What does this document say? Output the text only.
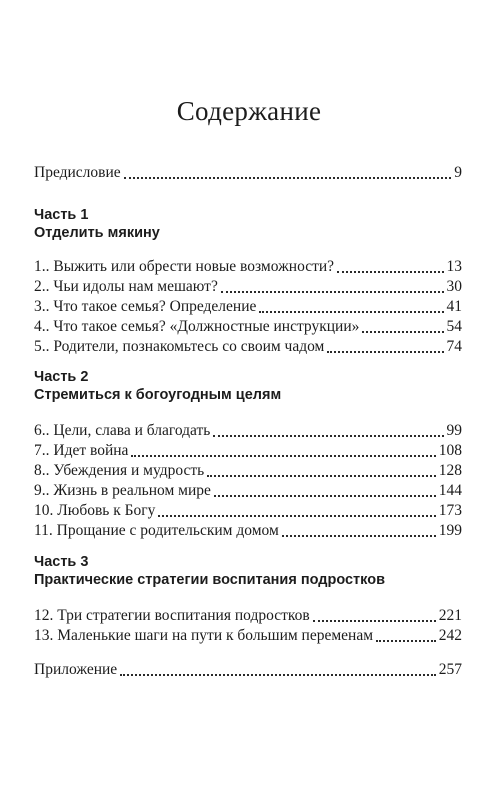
Содержание
Предисловие	9
Часть 1
Отделить мякину
1.. Выжить или обрести новые возможности?	13
2.. Чьи идолы нам мешают?	30
3.. Что такое семья? Определение	41
4.. Что такое семья? «Должностные инструкции»	54
5.. Родители, познакомьтесь со своим чадом	74
Часть 2
Стремиться к богоугодным целям
6.. Цели, слава и благодать	99
7.. Идет война	108
8.. Убеждения и мудрость	128
9.. Жизнь в реальном мире	144
10. Любовь к Богу	173
11. Прощание с родительским домом	199
Часть 3
Практические стратегии воспитания подростков
12. Три стратегии воспитания подростков	221
13. Маленькие шаги на пути к большим переменам	242
Приложение	257
